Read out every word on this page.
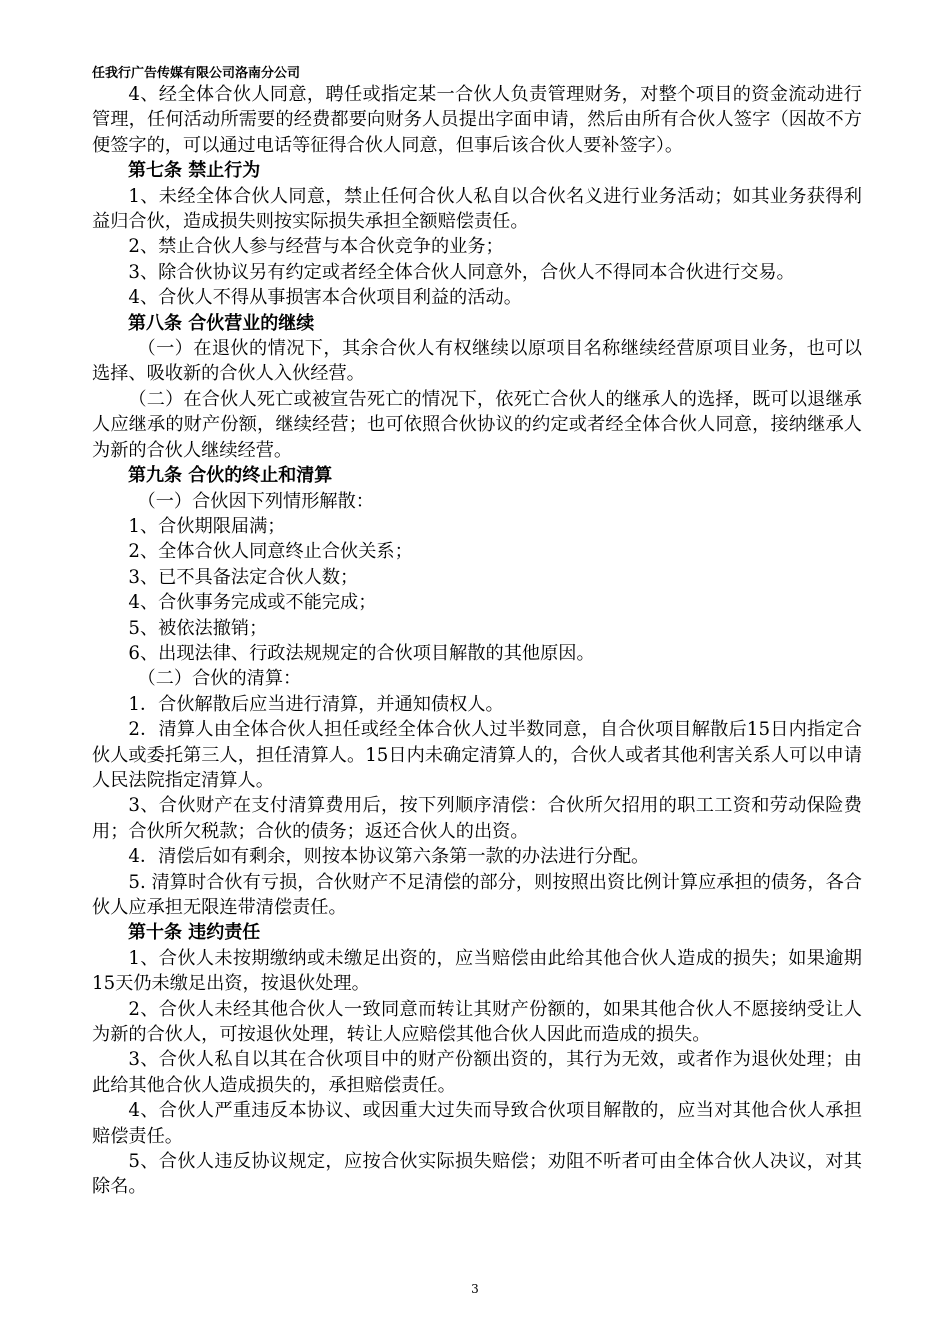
任我行广告传媒有限公司洛南分公司

4、经全体合伙人同意，聘任或指定某一合伙人负责管理财务，对整个项目的资金流动进行管理，任何活动所需要的经费都要向财务人员提出字面申请，然后由所有合伙人签字（因故不方便签字的，可以通过电话等征得合伙人同意，但事后该合伙人要补签字）。

第七条 禁止行为

1、未经全体合伙人同意，禁止任何合伙人私自以合伙名义进行业务活动；如其业务获得利益归合伙，造成损失则按实际损失承担全额赔偿责任。

2、禁止合伙人参与经营与本合伙竞争的业务；

3、除合伙协议另有约定或者经全体合伙人同意外，合伙人不得同本合伙进行交易。

4、合伙人不得从事损害本合伙项目利益的活动。

第八条 合伙营业的继续

（一）在退伙的情况下，其余合伙人有权继续以原项目名称继续经营原项目业务，也可以选择、吸收新的合伙人入伙经营。

（二）在合伙人死亡或被宣告死亡的情况下，依死亡合伙人的继承人的选择，既可以退继承人应继承的财产份额，继续经营；也可依照合伙协议的约定或者经全体合伙人同意，接纳继承人为新的合伙人继续经营。

第九条 合伙的终止和清算

（一）合伙因下列情形解散：

1、合伙期限届满；

2、全体合伙人同意终止合伙关系；

3、已不具备法定合伙人数；

4、合伙事务完成或不能完成；

5、被依法撤销；

6、出现法律、行政法规规定的合伙项目解散的其他原因。

（二）合伙的清算：

1．合伙解散后应当进行清算，并通知债权人。

2．清算人由全体合伙人担任或经全体合伙人过半数同意，自合伙项目解散后15日内指定合伙人或委托第三人，担任清算人。15日内未确定清算人的，合伙人或者其他利害关系人可以申请人民法院指定清算人。

3、合伙财产在支付清算费用后，按下列顺序清偿：合伙所欠招用的职工工资和劳动保险费用；合伙所欠税款；合伙的债务；返还合伙人的出资。

4．清偿后如有剩余，则按本协议第六条第一款的办法进行分配。

5. 清算时合伙有亏损，合伙财产不足清偿的部分，则按照出资比例计算应承担的债务，各合伙人应承担无限连带清偿责任。

第十条 违约责任

1、合伙人未按期缴纳或未缴足出资的，应当赔偿由此给其他合伙人造成的损失；如果逾期15天仍未缴足出资，按退伙处理。

2、合伙人未经其他合伙人一致同意而转让其财产份额的，如果其他合伙人不愿接纳受让人为新的合伙人，可按退伙处理，转让人应赔偿其他合伙人因此而造成的损失。

3、合伙人私自以其在合伙项目中的财产份额出资的，其行为无效，或者作为退伙处理；由此给其他合伙人造成损失的，承担赔偿责任。

4、合伙人严重违反本协议、或因重大过失而导致合伙项目解散的，应当对其他合伙人承担赔偿责任。

5、合伙人违反协议规定，应按合伙实际损失赔偿；劝阻不听者可由全体合伙人决议，对其除名。

3
